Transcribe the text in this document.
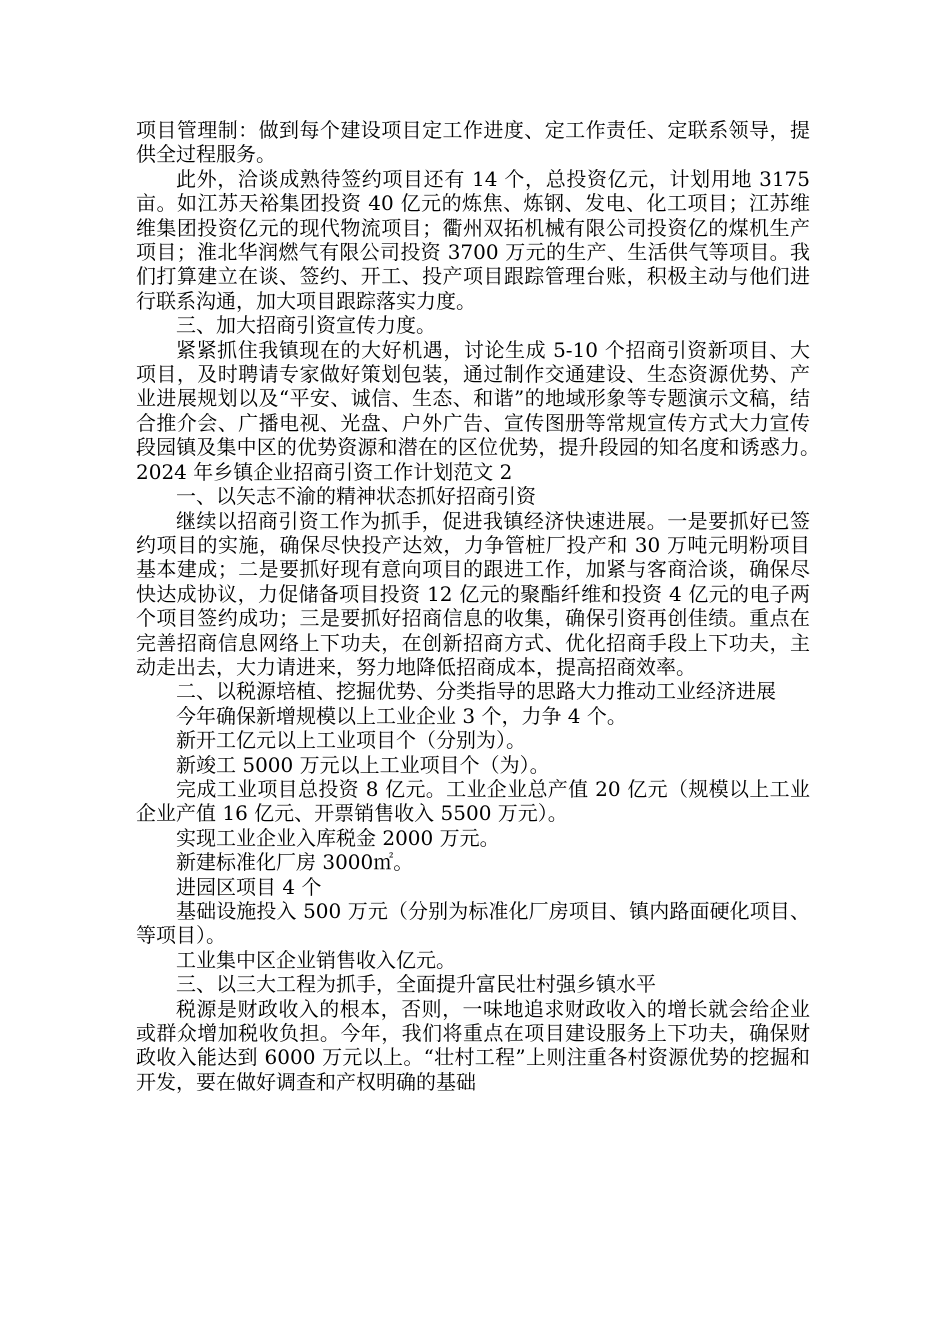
项目管理制：做到每个建设项目定工作进度、定工作责任、定联系领导，提供全过程服务。

此外，洽谈成熟待签约项目还有 14 个，总投资亿元，计划用地 3175 亩。如江苏天裕集团投资 40 亿元的炼焦、炼钢、发电、化工项目；江苏维维集团投资亿元的现代物流项目；衢州双拓机械有限公司投资亿的煤机生产项目；淮北华润燃气有限公司投资 3700 万元的生产、生活供气等项目。我们打算建立在谈、签约、开工、投产项目跟踪管理台账，积极主动与他们进行联系沟通，加大项目跟踪落实力度。

三、加大招商引资宣传力度。

紧紧抓住我镇现在的大好机遇，讨论生成 5-10 个招商引资新项目、大项目，及时聘请专家做好策划包装，通过制作交通建设、生态资源优势、产业进展规划以及“平安、诚信、生态、和谐”的地域形象等专题演示文稿，结合推介会、广播电视、光盘、户外广告、宣传图册等常规宣传方式大力宣传段园镇及集中区的优势资源和潜在的区位优势，提升段园的知名度和诱惑力。　　2024 年乡镇企业招商引资工作计划范文 2

一、以矢志不渝的精神状态抓好招商引资

继续以招商引资工作为抓手，促进我镇经济快速进展。一是要抓好已签约项目的实施，确保尽快投产达效，力争管桩厂投产和 30 万吨元明粉项目基本建成；二是要抓好现有意向项目的跟进工作，加紧与客商洽谈，确保尽快达成协议，力促储备项目投资 12 亿元的聚酯纤维和投资 4 亿元的电子两个项目签约成功；三是要抓好招商信息的收集，确保引资再创佳绩。重点在完善招商信息网络上下功夫，在创新招商方式、优化招商手段上下功夫，主动走出去，大力请进来，努力地降低招商成本，提高招商效率。

二、以税源培植、挖掘优势、分类指导的思路大力推动工业经济进展

今年确保新增规模以上工业企业 3 个，力争 4 个。

新开工亿元以上工业项目个（分别为）。

新竣工 5000 万元以上工业项目个（为）。

完成工业项目总投资 8 亿元。工业企业总产值 20 亿元（规模以上工业企业产值 16 亿元、开票销售收入 5500 万元）。

实现工业企业入库税金 2000 万元。

新建标准化厂房 3000㎡。

进园区项目 4 个

基础设施投入 500 万元（分别为标准化厂房项目、镇内路面硬化项目、等项目）。

工业集中区企业销售收入亿元。

三、以三大工程为抓手，全面提升富民壮村强乡镇水平

税源是财政收入的根本，否则，一味地追求财政收入的增长就会给企业或群众增加税收负担。今年，我们将重点在项目建设服务上下功夫，确保财政收入能达到 6000 万元以上。“壮村工程”上则注重各村资源优势的挖掘和开发，要在做好调查和产权明确的基础
